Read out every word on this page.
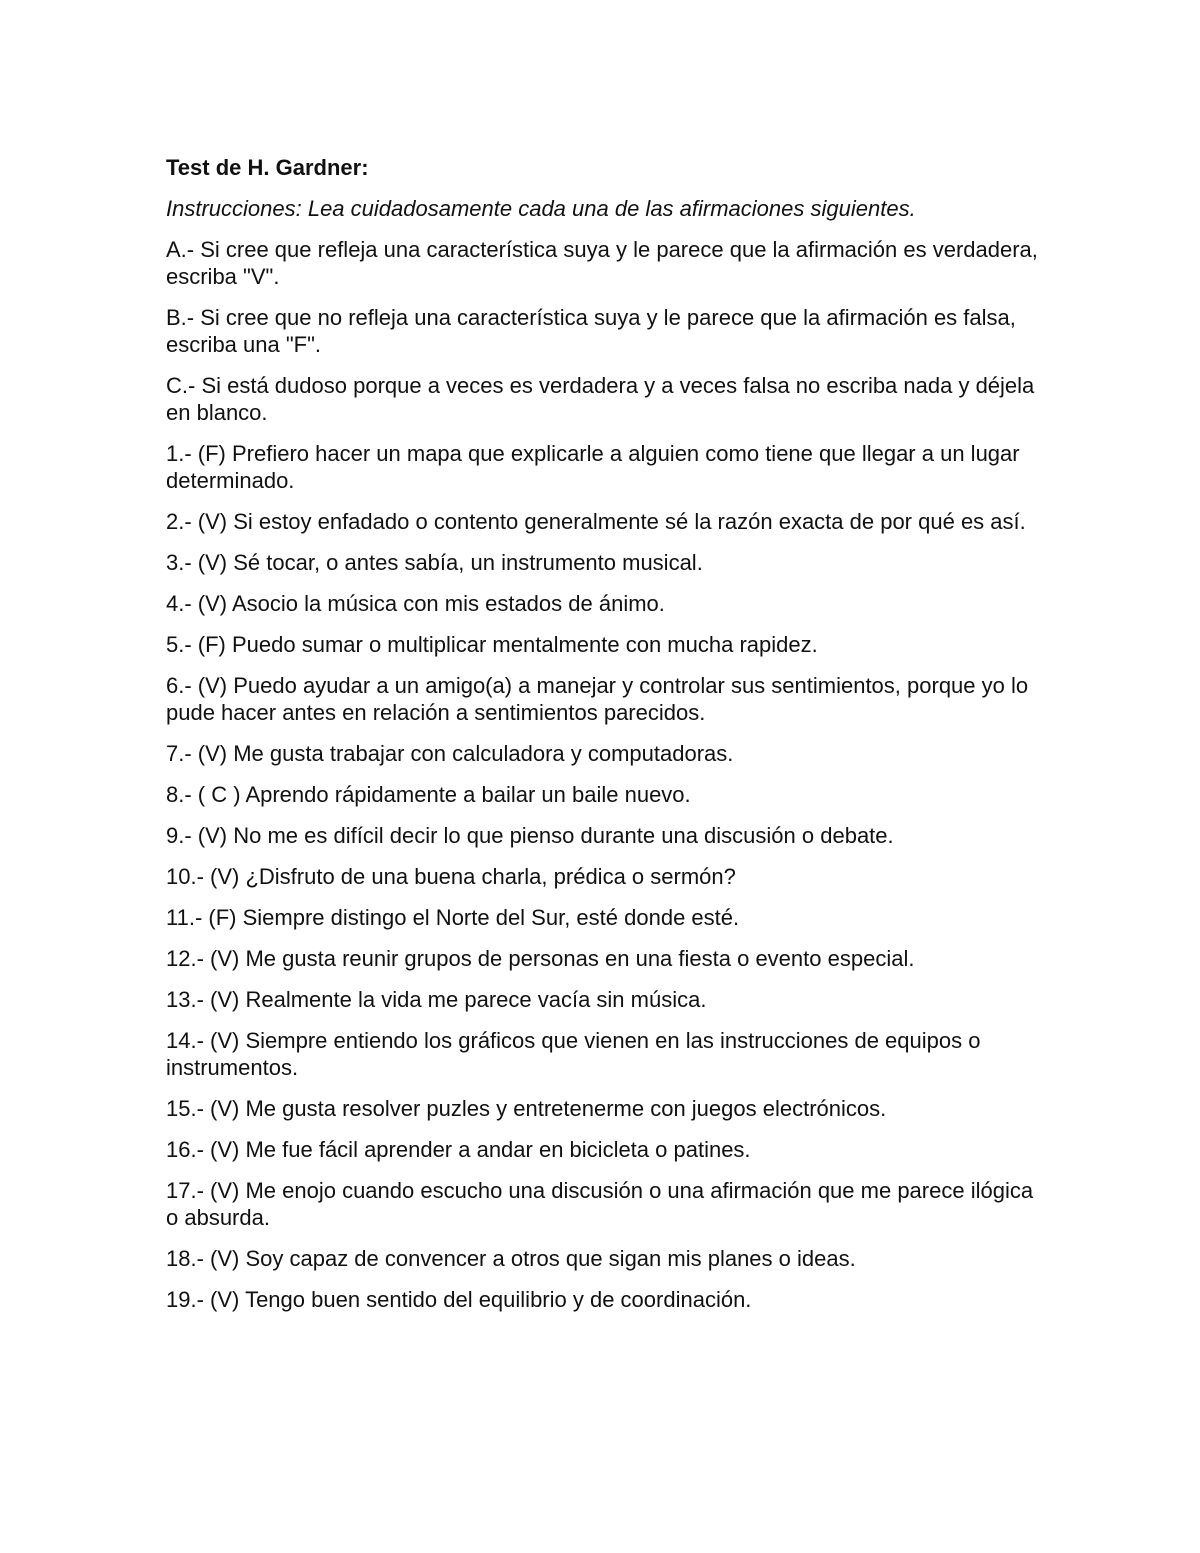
Test de H. Gardner:
Instrucciones: Lea cuidadosamente cada una de las afirmaciones siguientes.
A.- Si cree que refleja una característica suya y le parece que la afirmación es verdadera, escriba "V".
B.- Si cree que no refleja una característica suya y le parece que la afirmación es falsa, escriba una "F".
C.- Si está dudoso porque a veces es verdadera y a veces falsa no escriba nada y déjela en blanco.
1.- (F) Prefiero hacer un mapa que explicarle a alguien como tiene que llegar a un lugar determinado.
2.- (V) Si estoy enfadado o contento generalmente sé la razón exacta de por qué es así.
3.- (V) Sé tocar, o antes sabía, un instrumento musical.
4.- (V) Asocio la música con mis estados de ánimo.
5.- (F) Puedo sumar o multiplicar mentalmente con mucha rapidez.
6.- (V) Puedo ayudar a un amigo(a) a manejar y controlar sus sentimientos, porque yo lo pude hacer antes en relación a sentimientos parecidos.
7.- (V) Me gusta trabajar con calculadora y computadoras.
8.- ( C ) Aprendo rápidamente a bailar un baile nuevo.
9.- (V) No me es difícil decir lo que pienso durante una discusión o debate.
10.- (V) ¿Disfruto de una buena charla, prédica o sermón?
11.- (F) Siempre distingo el Norte del Sur, esté donde esté.
12.- (V) Me gusta reunir grupos de personas en una fiesta o evento especial.
13.- (V) Realmente la vida me parece vacía sin música.
14.- (V) Siempre entiendo los gráficos que vienen en las instrucciones de equipos o instrumentos.
15.- (V) Me gusta resolver puzles y entretenerme con juegos electrónicos.
16.- (V) Me fue fácil aprender a andar en bicicleta o patines.
17.- (V) Me enojo cuando escucho una discusión o una afirmación que me parece ilógica o absurda.
18.- (V) Soy capaz de convencer a otros que sigan mis planes o ideas.
19.- (V) Tengo buen sentido del equilibrio y de coordinación.
